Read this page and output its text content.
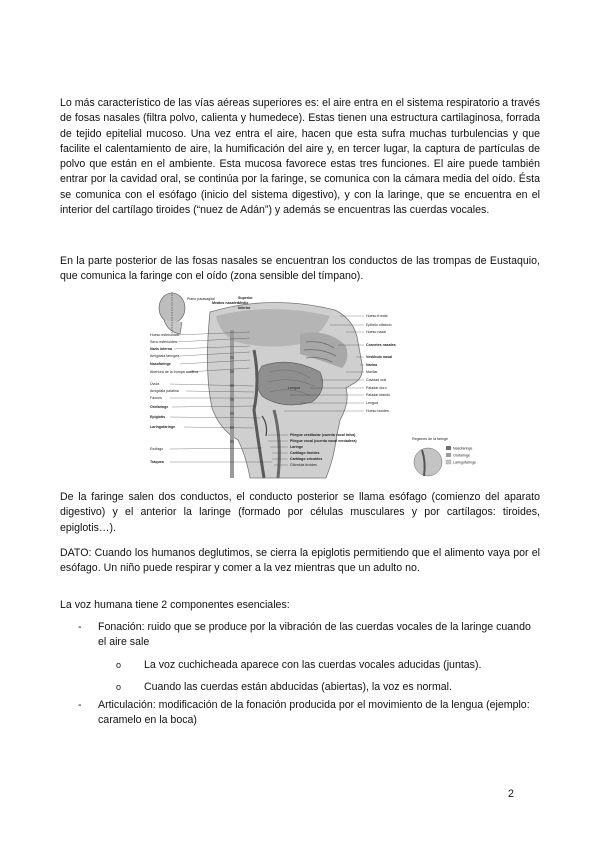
Lo más característico de las vías aéreas superiores es: el aire entra en el sistema respiratorio a través de fosas nasales (filtra polvo, calienta y humedece). Estas tienen una estructura cartilaginosa, forrada de tejido epitelial mucoso. Una vez entra el aire, hacen que esta sufra muchas turbulencias y que facilite el calentamiento de aire, la humificación del aire y, en tercer lugar, la captura de partículas de polvo que están en el ambiente. Esta mucosa favorece estas tres funciones. El aire puede también entrar por la cavidad oral, se continúa por la faringe, se comunica con la cámara media del oído. Ésta se comunica con el esófago (inicio del sistema digestivo), y con la laringe, que se encuentra en el interior del cartílago tiroides (“nuez de Adán”) y además se encuentras las cuerdas vocales.

En la parte posterior de las fosas nasales se encuentran los conductos de las trompas de Eustaquio, que comunica la faringe con el oído (zona sensible del tímpano).

Lengua
Plano parasagital	Superior
Medio
Inferior
Meatos nasales
Hueso esfenoides
Seno esfenoides
Naris interna
Amígdala faríngea
Nasofaringe
Abertura de la trompa auditiva
Úvula
Amígdala palatina
Fauces
Orofaringe
Epiglotis
Laringofaringe
Esófago
Tráquea
Hueso frontal
Epitelio olfatorio
Hueso nasal
Cornetes nasales
Vestíbulo nasal
Narina
Maxilar
Cavidad oral
Paladar duro
Paladar blando
Lengua
Hueso hioides
Pliegue vestibular (cuerda vocal falsa)
Pliegue vocal (cuerda vocal verdadera)
Laringe
Cartílago tiroides
Cartílago cricoides
Glándula tiroides
Regiones de la faringe
Nasofaringe
Orofaringe
Laringofaringe

De la faringe salen dos conductos, el conducto posterior se llama esófago (comienzo del aparato digestivo) y el anterior la laringe (formado por células musculares y por cartílagos: tiroides, epiglotis…).

DATO: Cuando los humanos deglutimos, se cierra la epiglotis permitiendo que el alimento vaya por el esófago. Un niño puede respirar y comer a la vez mientras que un adulto no.

La voz humana tiene 2 componentes esenciales:

- Fonación: ruido que se produce por la vibración de las cuerdas vocales de la laringe cuando el aire sale
o La voz cuchicheada aparece con las cuerdas vocales aducidas (juntas).
o Cuando las cuerdas están abducidas (abiertas), la voz es normal.
- Articulación: modificación de la fonación producida por el movimiento de la lengua (ejemplo: caramelo en la boca)
2
